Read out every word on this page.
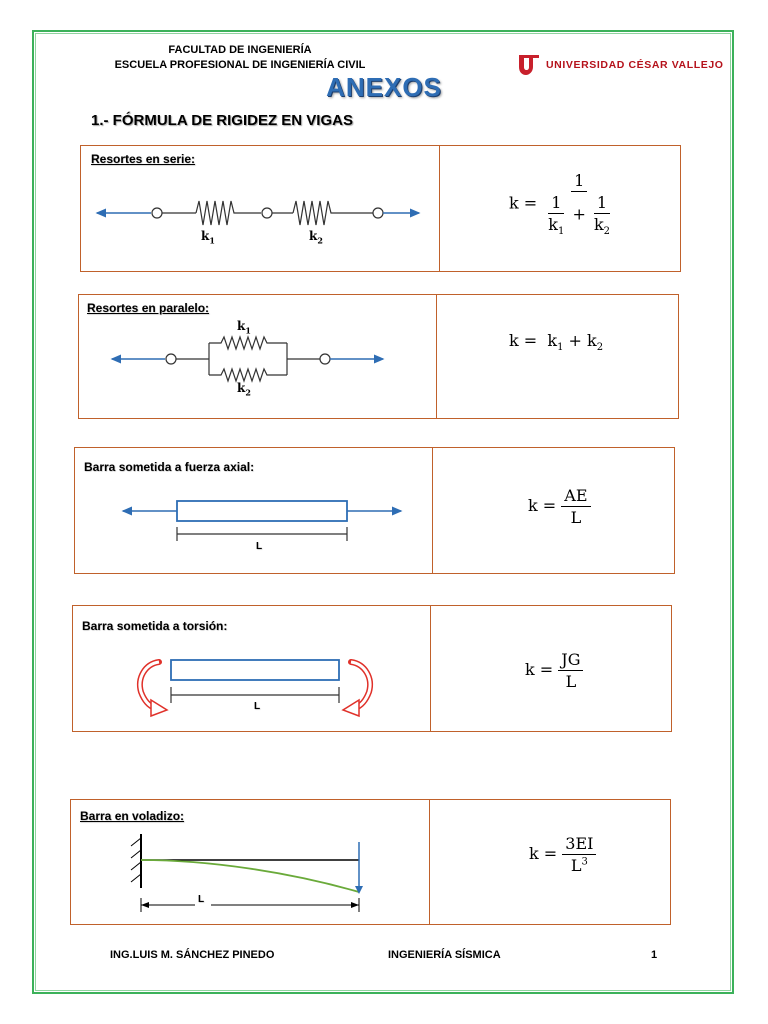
FACULTAD DE INGENIERÍA
ESCUELA PROFESIONAL DE INGENIERÍA CIVIL	UNIVERSIDAD CÉSAR VALLEJO
ANEXOS
1.- FÓRMULA DE RIGIDEZ EN VIGAS
Resortes en serie:
$k_1$	$k_2$
$k = \frac{1}{\frac{1}{k_1} + \frac{1}{k_2}}$
Resortes en paralelo:
$k_1$
$k_2$
$k = k_1 + k_2$
Barra sometida a fuerza axial:
L
$k = \frac{AE}{L}$
Barra sometida a torsión:
L
$k = \frac{JG}{L}$
Barra en voladizo:
L
$k = \frac{3EI}{L^3}$
ING.LUIS M. SÁNCHEZ PINEDO	INGENIERÍA SÍSMICA	1
